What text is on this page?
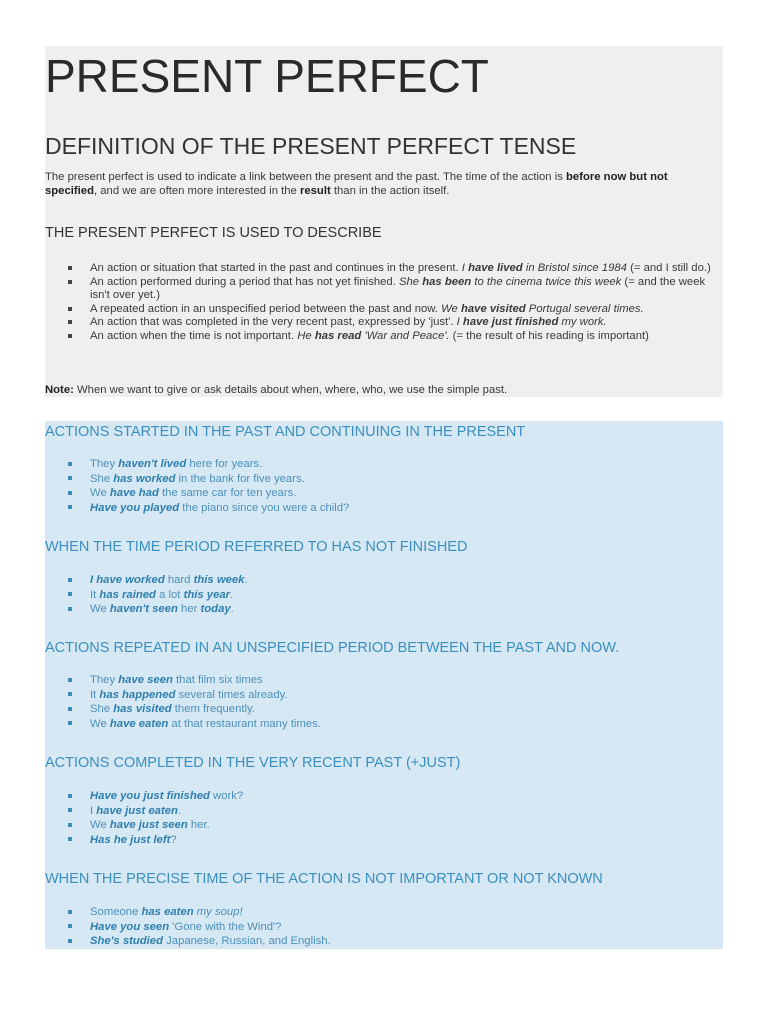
PRESENT PERFECT
DEFINITION OF THE PRESENT PERFECT TENSE

The present perfect is used to indicate a link between the present and the past. The time of the action is before now but not specified, and we are often more interested in the result than in the action itself.

THE PRESENT PERFECT IS USED TO DESCRIBE
An action or situation that started in the past and continues in the present. I have lived in Bristol since 1984 (= and I still do.)
An action performed during a period that has not yet finished. She has been to the cinema twice this week (= and the week isn't over yet.)
A repeated action in an unspecified period between the past and now. We have visited Portugal several times.
An action that was completed in the very recent past, expressed by 'just'. I have just finished my work.
An action when the time is not important. He has read 'War and Peace'. (= the result of his reading is important)

Note: When we want to give or ask details about when, where, who, we use the simple past.

ACTIONS STARTED IN THE PAST AND CONTINUING IN THE PRESENT
They haven't lived here for years.
She has worked in the bank for five years.
We have had the same car for ten years.
Have you played the piano since you were a child?
WHEN THE TIME PERIOD REFERRED TO HAS NOT FINISHED
I have worked hard this week.
It has rained a lot this year.
We haven't seen her today.
ACTIONS REPEATED IN AN UNSPECIFIED PERIOD BETWEEN THE PAST AND NOW.
They have seen that film six times
It has happened several times already.
She has visited them frequently.
We have eaten at that restaurant many times.
ACTIONS COMPLETED IN THE VERY RECENT PAST (+JUST)
Have you just finished work?
I have just eaten.
We have just seen her.
Has he just left?
WHEN THE PRECISE TIME OF THE ACTION IS NOT IMPORTANT OR NOT KNOWN
Someone has eaten my soup!
Have you seen 'Gone with the Wind'?
She's studied Japanese, Russian, and English.
